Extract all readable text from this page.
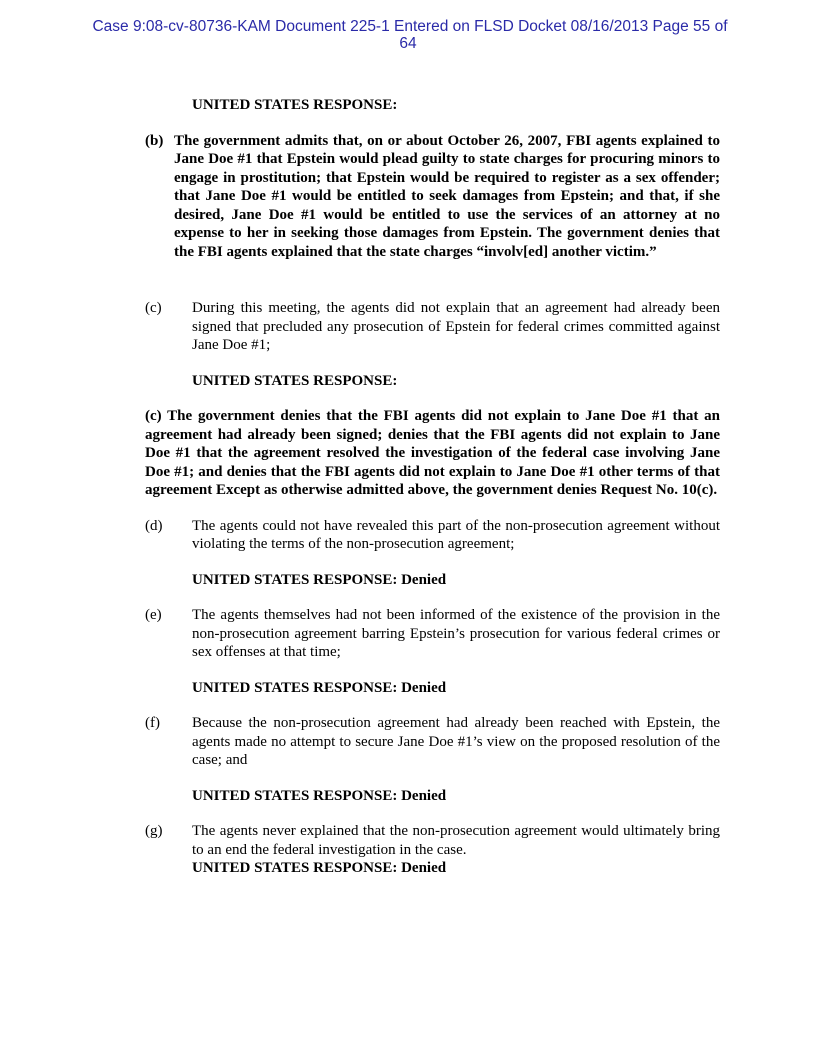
Case 9:08-cv-80736-KAM Document 225-1 Entered on FLSD Docket 08/16/2013 Page 55 of
64
UNITED STATES RESPONSE:
(b) The government admits that, on or about October 26, 2007, FBI agents explained to Jane Doe #1 that Epstein would plead guilty to state charges for procuring minors to engage in prostitution; that Epstein would be required to register as a sex offender; that Jane Doe #1 would be entitled to seek damages from Epstein; and that, if she desired, Jane Doe #1 would be entitled to use the services of an attorney at no expense to her in seeking those damages from Epstein. The government denies that the FBI agents explained that the state charges “involv[ed] another victim.”
(c)	During this meeting, the agents did not explain that an agreement had already been signed that precluded any prosecution of Epstein for federal crimes committed against Jane Doe #1;
UNITED STATES RESPONSE:
(c) The government denies that the FBI agents did not explain to Jane Doe #1 that an agreement had already been signed; denies that the FBI agents did not explain to Jane Doe #1 that the agreement resolved the investigation of the federal case involving Jane Doe #1; and denies that the FBI agents did not explain to Jane Doe #1 other terms of that agreement Except as otherwise admitted above, the government denies Request No. 10(c).
(d)	The agents could not have revealed this part of the non-prosecution agreement without violating the terms of the non-prosecution agreement;
UNITED STATES RESPONSE: Denied
(e)	The agents themselves had not been informed of the existence of the provision in the non-prosecution agreement barring Epstein’s prosecution for various federal crimes or sex offenses at that time;
UNITED STATES RESPONSE: Denied
(f)	Because the non-prosecution agreement had already been reached with Epstein, the agents made no attempt to secure Jane Doe #1’s view on the proposed resolution of the case; and
UNITED STATES RESPONSE: Denied
(g)	The agents never explained that the non-prosecution agreement would ultimately bring to an end the federal investigation in the case.
UNITED STATES RESPONSE: Denied
